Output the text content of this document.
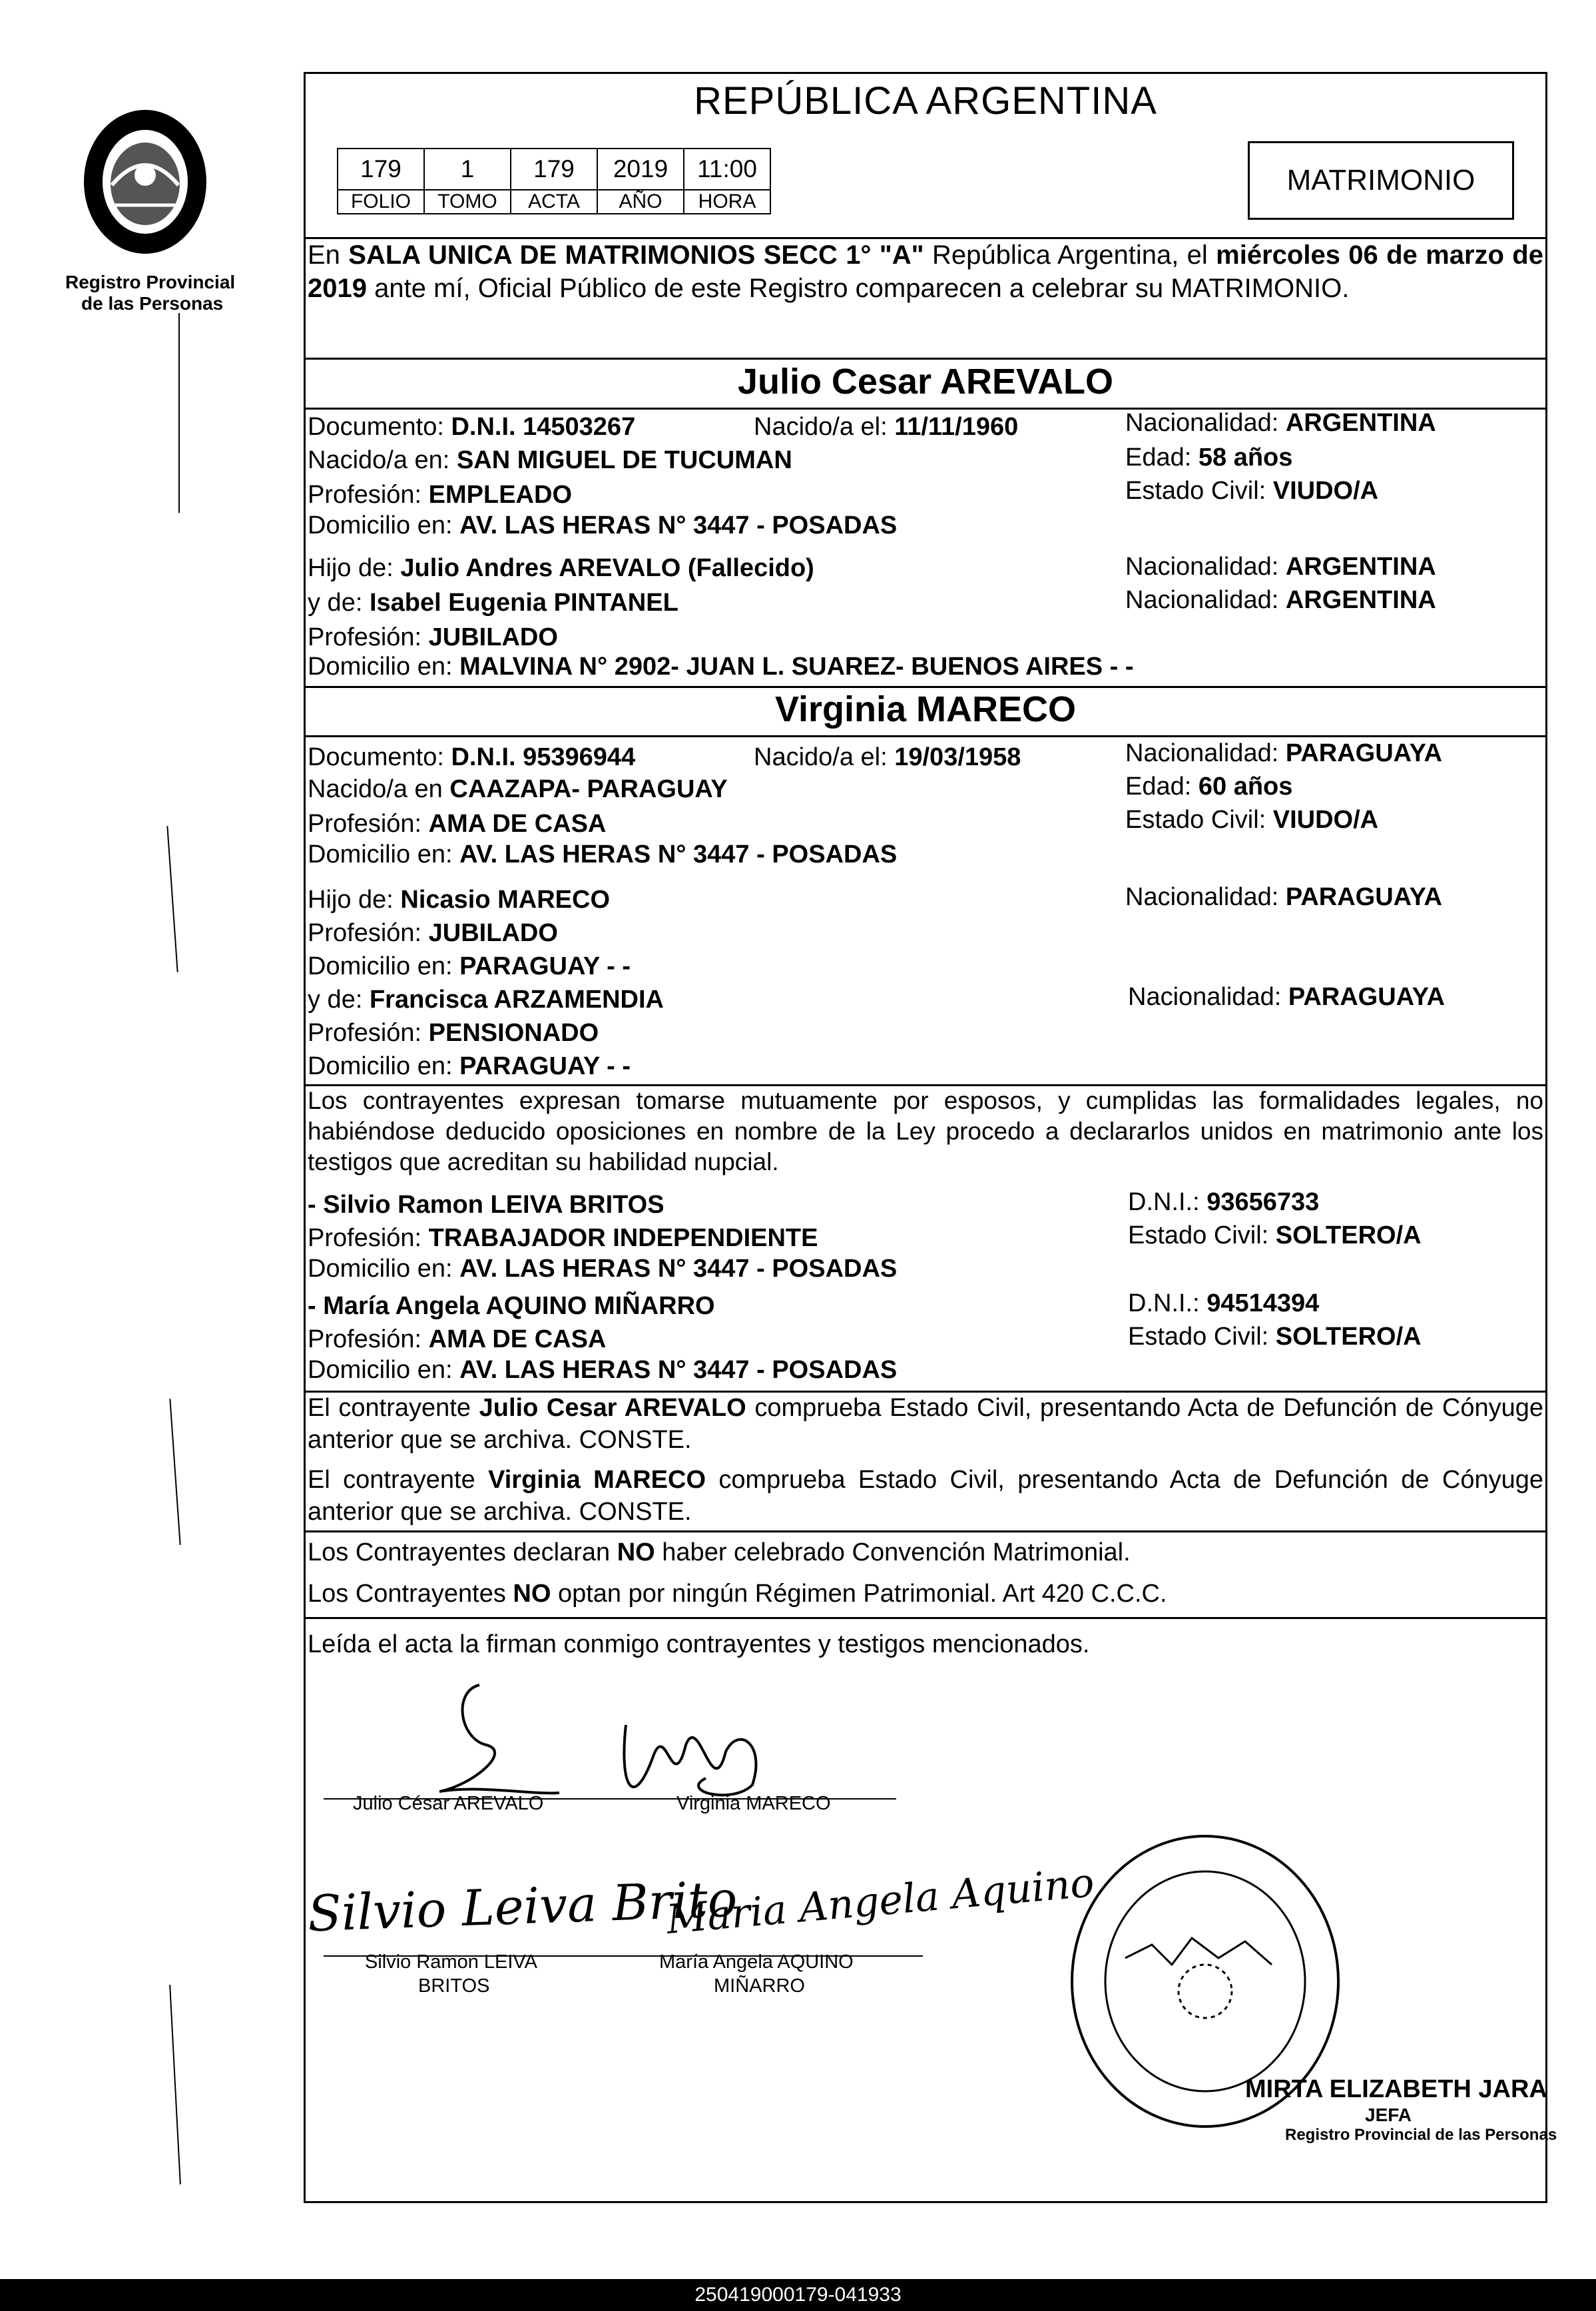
Registro Provincial
de las Personas
REPÚBLICA ARGENTINA
179	1	179	2019	11:00
FOLIO	TOMO	ACTA	AÑO	HORA
MATRIMONIO
En SALA UNICA DE MATRIMONIOS SECC 1° "A" República Argentina, el miércoles 06 de marzo de 2019 ante mí, Oficial Público de este Registro comparecen a celebrar su MATRIMONIO.
Julio Cesar AREVALO
Documento: D.N.I. 14503267	Nacido/a el: 11/11/1960	Nacionalidad: ARGENTINA
Nacido/a en: SAN MIGUEL DE TUCUMAN	Edad: 58 años
Profesión: EMPLEADO	Estado Civil: VIUDO/A
Domicilio en: AV. LAS HERAS N° 3447 - POSADAS
Hijo de: Julio Andres AREVALO (Fallecido)	Nacionalidad: ARGENTINA
y de: Isabel Eugenia PINTANEL	Nacionalidad: ARGENTINA
Profesión: JUBILADO
Domicilio en: MALVINA N° 2902- JUAN L. SUAREZ- BUENOS AIRES - -
Virginia MARECO
Documento: D.N.I. 95396944	Nacido/a el: 19/03/1958	Nacionalidad: PARAGUAYA
Nacido/a en CAAZAPA- PARAGUAY	Edad: 60 años
Profesión: AMA DE CASA	Estado Civil: VIUDO/A
Domicilio en: AV. LAS HERAS N° 3447 - POSADAS
Hijo de: Nicasio MARECO	Nacionalidad: PARAGUAYA
Profesión: JUBILADO
Domicilio en: PARAGUAY - -
y de: Francisca ARZAMENDIA	Nacionalidad: PARAGUAYA
Profesión: PENSIONADO
Domicilio en: PARAGUAY - -
Los contrayentes expresan tomarse mutuamente por esposos, y cumplidas las formalidades legales, no habiéndose deducido oposiciones en nombre de la Ley procedo a declararlos unidos en matrimonio ante los testigos que acreditan su habilidad nupcial.
- Silvio Ramon LEIVA BRITOS	D.N.I.: 93656733
Profesión: TRABAJADOR INDEPENDIENTE	Estado Civil: SOLTERO/A
Domicilio en: AV. LAS HERAS N° 3447 - POSADAS
- María Angela AQUINO MIÑARRO	D.N.I.: 94514394
Profesión: AMA DE CASA	Estado Civil: SOLTERO/A
Domicilio en: AV. LAS HERAS N° 3447 - POSADAS
El contrayente Julio Cesar AREVALO comprueba Estado Civil, presentando Acta de Defunción de Cónyuge anterior que se archiva. CONSTE.
El contrayente Virginia MARECO comprueba Estado Civil, presentando Acta de Defunción de Cónyuge anterior que se archiva. CONSTE.
Los Contrayentes declaran NO haber celebrado Convención Matrimonial.
Los Contrayentes NO optan por ningún Régimen Patrimonial. Art 420 C.C.C.
Leída el acta la firman conmigo contrayentes y testigos mencionados.
Julio César AREVALO	Virginia MARECO
Silvio Leiva Brito
Maria Angela Aquino
Silvio Ramon LEIVA
BRITOS
María Angela AQUINO
MIÑARRO
MIRTA ELIZABETH JARA
JEFA
Registro Provincial de las Personas
250419000179-041933
